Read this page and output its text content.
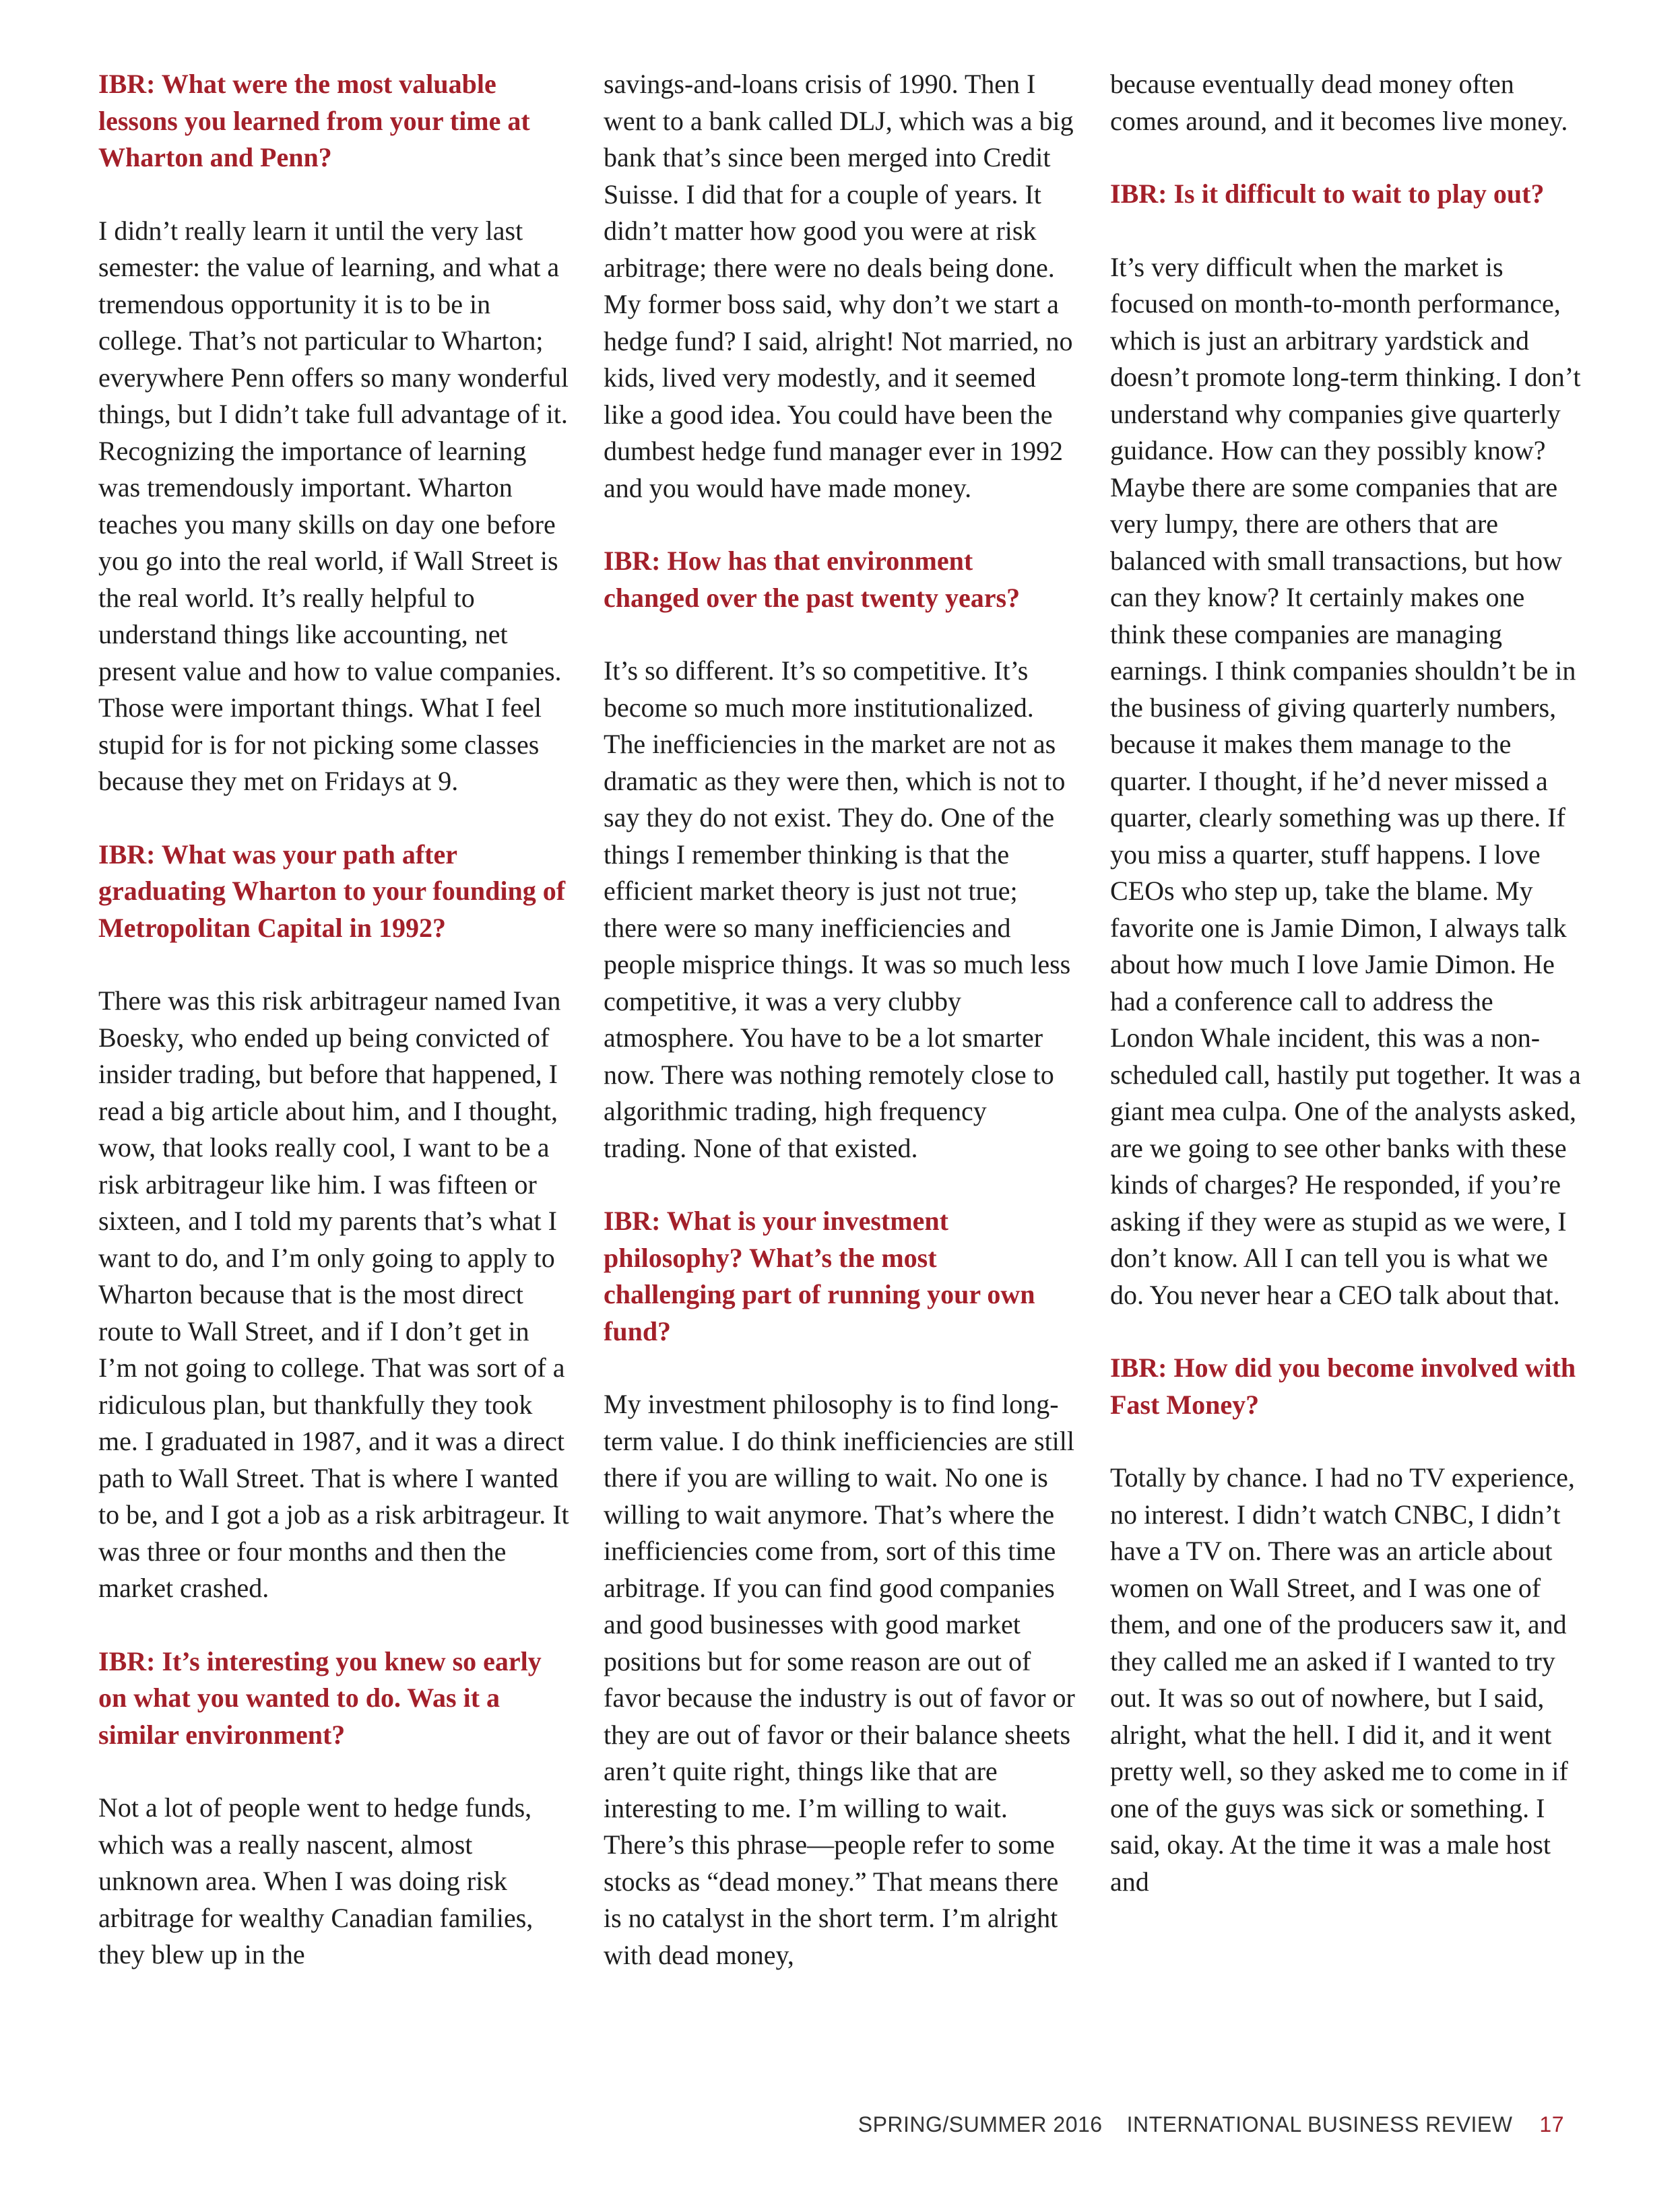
IBR: What were the most valuable lessons you learned from your time at Wharton and Penn?

I didn’t really learn it until the very last semester: the value of learning, and what a tremendous opportunity it is to be in college. That’s not particular to Wharton; everywhere Penn offers so many wonderful things, but I didn’t take full advantage of it. Recognizing the importance of learning was tremendously important. Wharton teaches you many skills on day one before you go into the real world, if Wall Street is the real world. It’s really helpful to understand things like accounting, net present value and how to value companies. Those were important things. What I feel stupid for is for not picking some classes because they met on Fridays at 9.

IBR: What was your path after graduating Wharton to your founding of Metropolitan Capital in 1992?

There was this risk arbitrageur named Ivan Boesky, who ended up being convicted of insider trading, but before that happened, I read a big article about him, and I thought, wow, that looks really cool, I want to be a risk arbitrageur like him. I was fifteen or sixteen, and I told my parents that’s what I want to do, and I’m only going to apply to Wharton because that is the most direct route to Wall Street, and if I don’t get in I’m not going to college. That was sort of a ridiculous plan, but thankfully they took me. I graduated in 1987, and it was a direct path to Wall Street. That is where I wanted to be, and I got a job as a risk arbitrageur. It was three or four months and then the market crashed.

IBR: It’s interesting you knew so early on what you wanted to do. Was it a similar environment?

Not a lot of people went to hedge funds, which was a really nascent, almost unknown area. When I was doing risk arbitrage for wealthy Canadian families, they blew up in the

savings-and-loans crisis of 1990. Then I went to a bank called DLJ, which was a big bank that’s since been merged into Credit Suisse. I did that for a couple of years. It didn’t matter how good you were at risk arbitrage; there were no deals being done. My former boss said, why don’t we start a hedge fund? I said, alright! Not married, no kids, lived very modestly, and it seemed like a good idea. You could have been the dumbest hedge fund manager ever in 1992 and you would have made money.

IBR: How has that environment changed over the past twenty years?

It’s so different. It’s so competitive. It’s become so much more institutionalized. The inefficiencies in the market are not as dramatic as they were then, which is not to say they do not exist. They do. One of the things I remember thinking is that the efficient market theory is just not true; there were so many inefficiencies and people misprice things. It was so much less competitive, it was a very clubby atmosphere. You have to be a lot smarter now. There was nothing remotely close to algorithmic trading, high frequency trading. None of that existed.

IBR: What is your investment philosophy? What’s the most challenging part of running your own fund?

My investment philosophy is to find long-term value. I do think inefficiencies are still there if you are willing to wait. No one is willing to wait anymore. That’s where the inefficiencies come from, sort of this time arbitrage. If you can find good companies and good businesses with good market positions but for some reason are out of favor because the industry is out of favor or they are out of favor or their balance sheets aren’t quite right, things like that are interesting to me. I’m willing to wait. There’s this phrase—people refer to some stocks as “dead money.” That means there is no catalyst in the short term. I’m alright with dead money,

because eventually dead money often comes around, and it becomes live money.

IBR: Is it difficult to wait to play out?

It’s very difficult when the market is focused on month-to-month performance, which is just an arbitrary yardstick and doesn’t promote long-term thinking. I don’t understand why companies give quarterly guidance. How can they possibly know? Maybe there are some companies that are very lumpy, there are others that are balanced with small transactions, but how can they know? It certainly makes one think these companies are managing earnings. I think companies shouldn’t be in the business of giving quarterly numbers, because it makes them manage to the quarter. I thought, if he’d never missed a quarter, clearly something was up there. If you miss a quarter, stuff happens. I love CEOs who step up, take the blame. My favorite one is Jamie Dimon, I always talk about how much I love Jamie Dimon. He had a conference call to address the London Whale incident, this was a non-scheduled call, hastily put together. It was a giant mea culpa. One of the analysts asked, are we going to see other banks with these kinds of charges? He responded, if you’re asking if they were as stupid as we were, I don’t know. All I can tell you is what we do. You never hear a CEO talk about that.

IBR: How did you become involved with Fast Money?

Totally by chance. I had no TV experience, no interest. I didn’t watch CNBC, I didn’t have a TV on. There was an article about women on Wall Street, and I was one of them, and one of the producers saw it, and they called me an asked if I wanted to try out. It was so out of nowhere, but I said, alright, what the hell. I did it, and it went pretty well, so they asked me to come in if one of the guys was sick or something. I said, okay. At the time it was a male host and

SPRING/SUMMER 2016 INTERNATIONAL BUSINESS REVIEW 17
